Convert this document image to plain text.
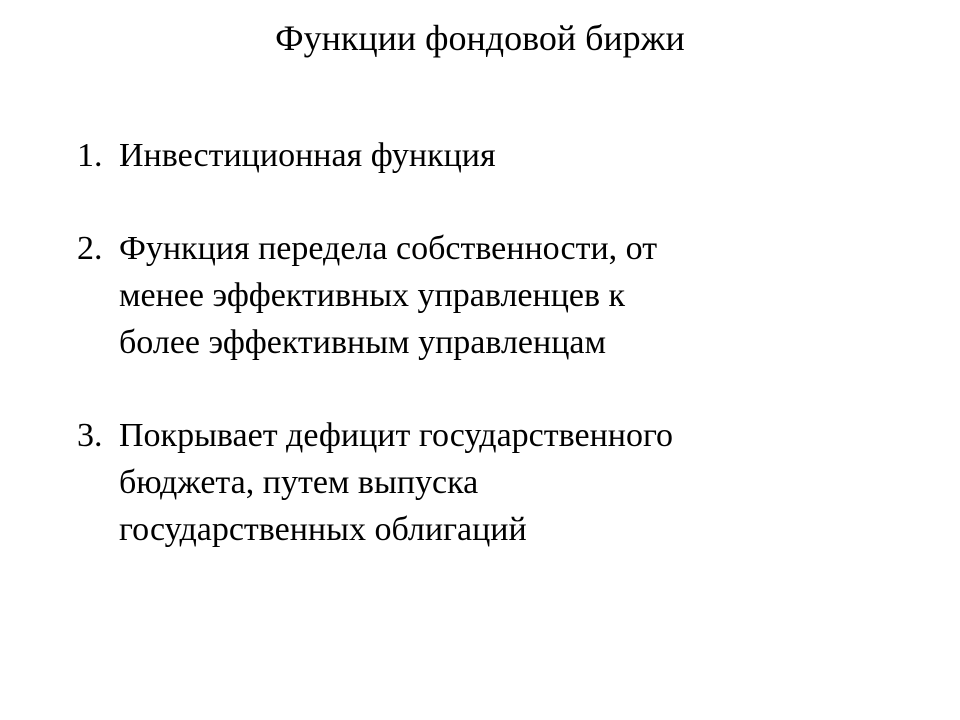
Функции фондовой биржи
1. Инвестиционная функция
2. Функция передела собственности, от
менее эффективных управленцев к
более эффективным управленцам
3. Покрывает дефицит государственного
бюджета, путем выпуска
государственных облигаций
